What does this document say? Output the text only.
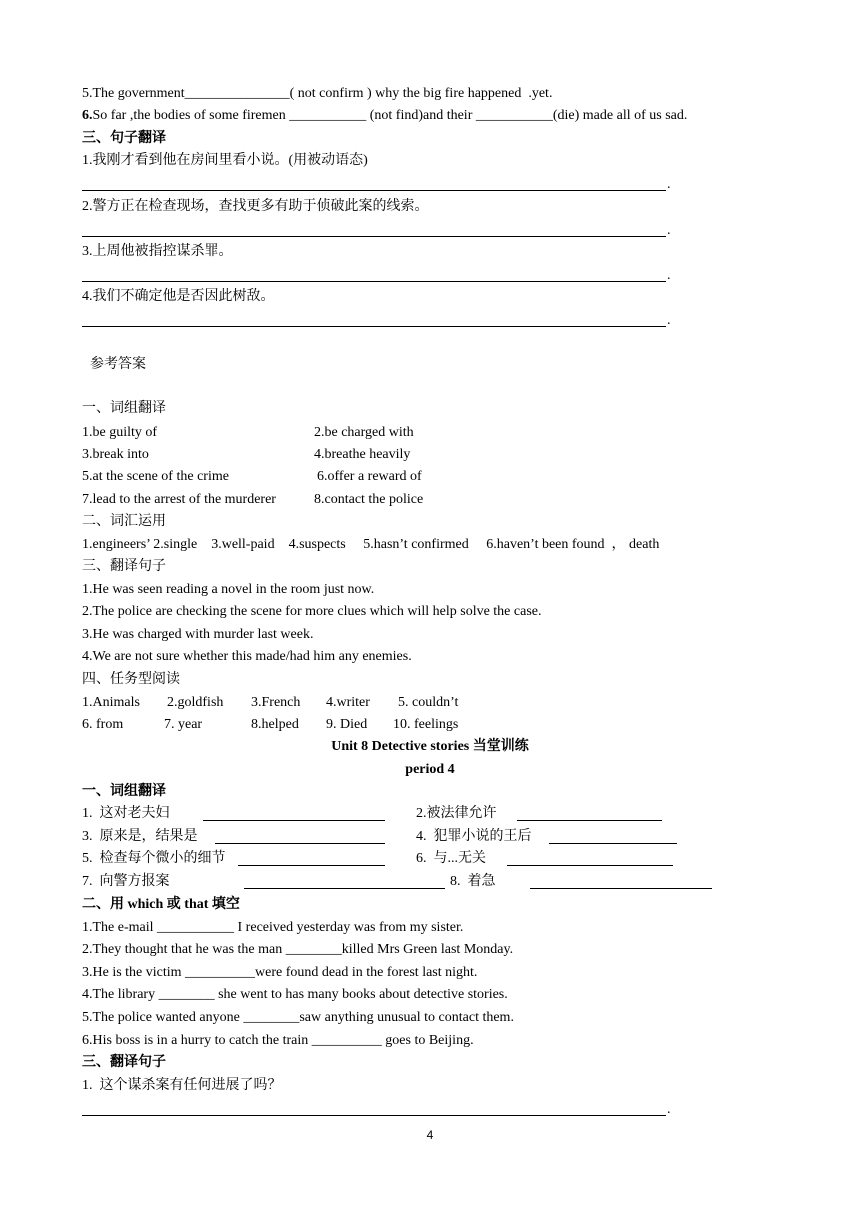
5.The government_______________( not confirm ) why the big fire happened  .yet.
6.So far ,the bodies of some firemen ___________ (not find)and their ___________(die) made all of us sad.
三、句子翻译
1.我刚才看到他在房间里看小说。(用被动语态)
.
2.警方正在检查现场，查找更多有助于侦破此案的线索。
.
3.上周他被指控谋杀罪。
.
4.我们不确定他是否因此树敌。
.
参考答案
一、词组翻译
1.be guilty of	2.be charged with
3.break into	4.breathe heavily
5.at the scene of the crime	6.offer a reward of
7.lead to the arrest of the murderer	8.contact the police
二、词汇运用
1.engineers’ 2.single    3.well-paid    4.suspects     5.hasn’t confirmed     6.haven’t been found  ， death
三、翻译句子
1.He was seen reading a novel in the room just now.
2.The police are checking the scene for more clues which will help solve the case.
3.He was charged with murder last week.
4.We are not sure whether this made/had him any enemies.
四、任务型阅读
1.Animals 2.goldfish 3.French 4.writer 5. couldn’t
6. from	7. year	8.helped 9. Died 10. feelings
Unit 8 Detective stories 当堂训练
period 4
一、词组翻译
1.  这对老夫妇	2.被法律允许
3.  原来是，结果是	4.  犯罪小说的王后
5.  检查每个微小的细节	6.  与...无关
7.  向警方报案	8.  着急
二、用 which 或 that 填空
1.The e-mail ___________ I received yesterday was from my sister.
2.They thought that he was the man ________killed Mrs Green last Monday.
3.He is the victim __________were found dead in the forest last night.
4.The library ________ she went to has many books about detective stories.
5.The police wanted anyone ________saw anything unusual to contact them.
6.His boss is in a hurry to catch the train __________ goes to Beijing.
三、翻译句子
1.  这个谋杀案有任何进展了吗？
.
4
